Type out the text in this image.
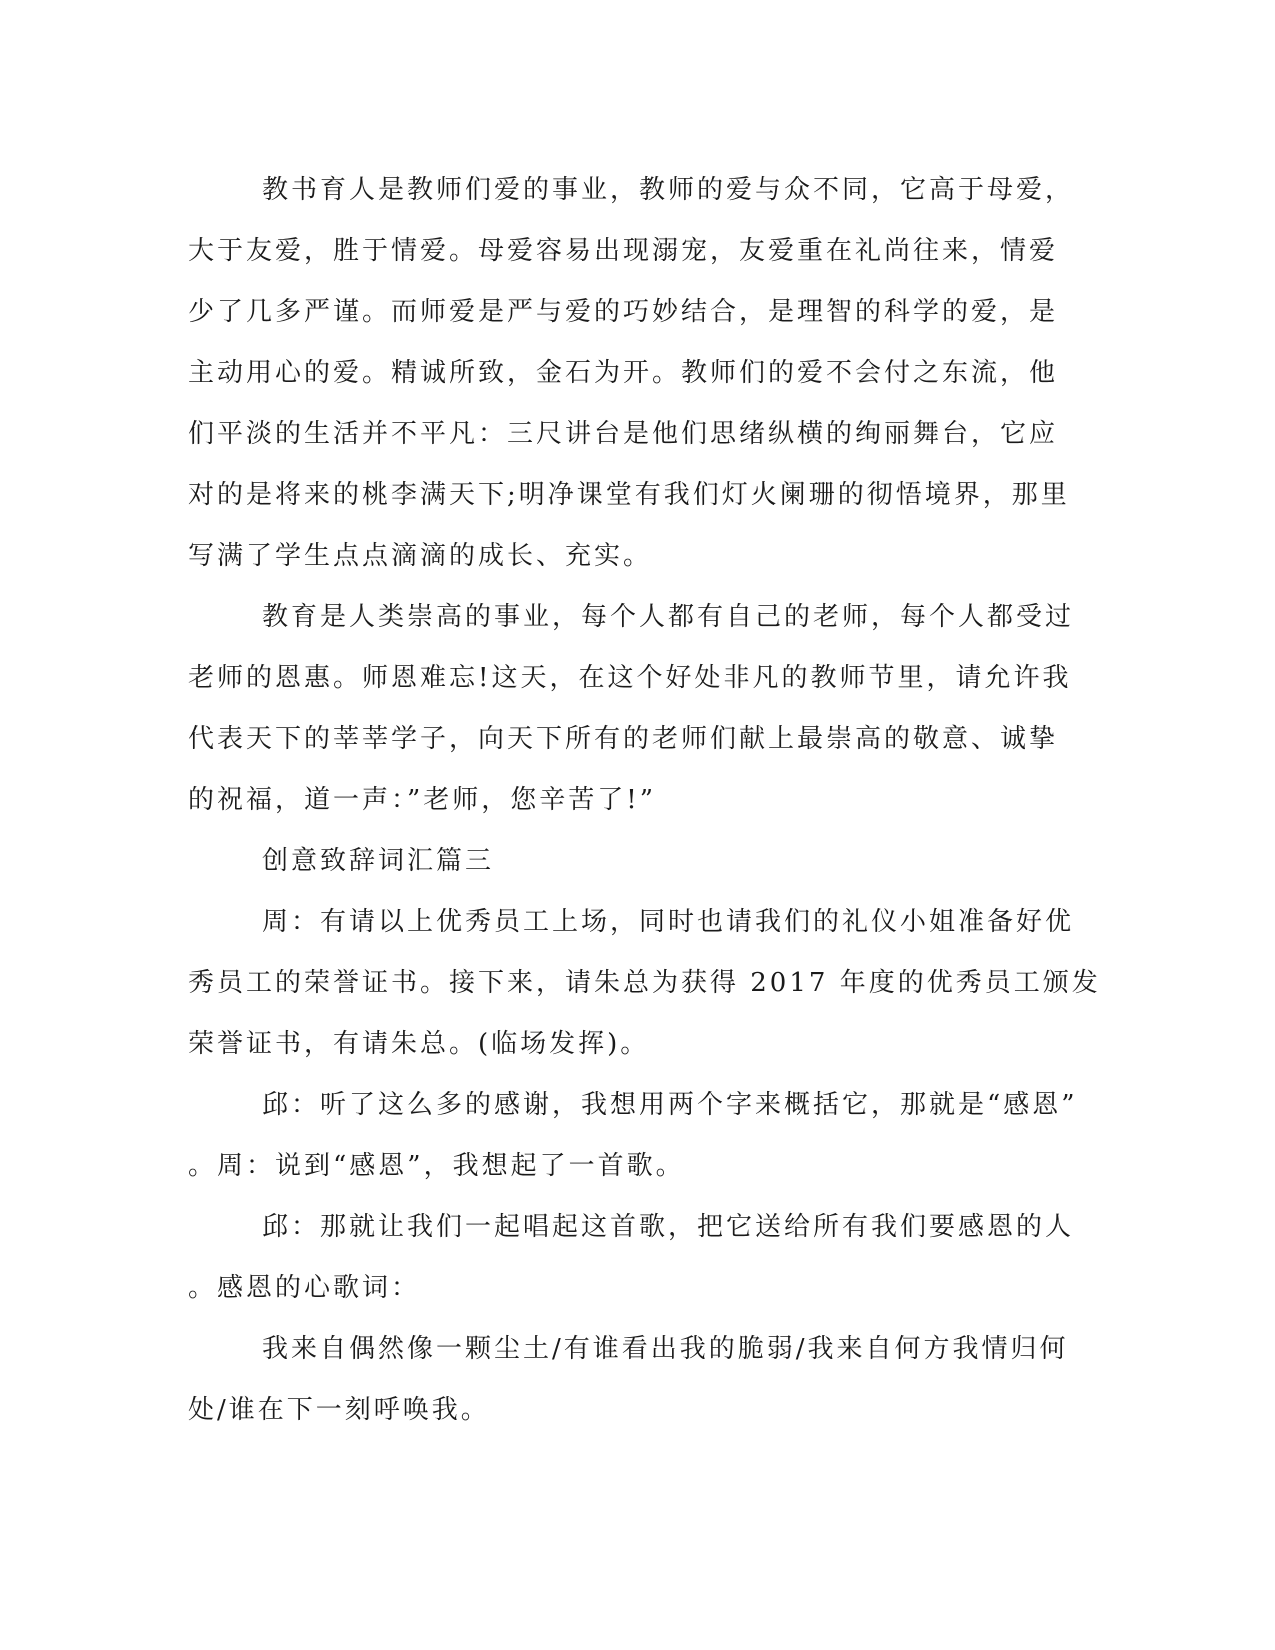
教书育人是教师们爱的事业，教师的爱与众不同，它高于母爱，
大于友爱，胜于情爱。母爱容易出现溺宠，友爱重在礼尚往来，情爱
少了几多严谨。而师爱是严与爱的巧妙结合，是理智的科学的爱，是
主动用心的爱。精诚所致，金石为开。教师们的爱不会付之东流，他
们平淡的生活并不平凡：三尺讲台是他们思绪纵横的绚丽舞台，它应
对的是将来的桃李满天下;明净课堂有我们灯火阑珊的彻悟境界，那里
写满了学生点点滴滴的成长、充实。
教育是人类崇高的事业，每个人都有自己的老师，每个人都受过
老师的恩惠。师恩难忘!这天，在这个好处非凡的教师节里，请允许我
代表天下的莘莘学子，向天下所有的老师们献上最崇高的敬意、诚挚
的祝福，道一声：”老师，您辛苦了!”
创意致辞词汇篇三
周：有请以上优秀员工上场，同时也请我们的礼仪小姐准备好优
秀员工的荣誉证书。接下来，请朱总为获得 2017 年度的优秀员工颁发
荣誉证书，有请朱总。(临场发挥)。
邱：听了这么多的感谢，我想用两个字来概括它，那就是“感恩”
。周：说到“感恩”，我想起了一首歌。
邱：那就让我们一起唱起这首歌，把它送给所有我们要感恩的人
。感恩的心歌词：
我来自偶然像一颗尘土/有谁看出我的脆弱/我来自何方我情归何
处/谁在下一刻呼唤我。
